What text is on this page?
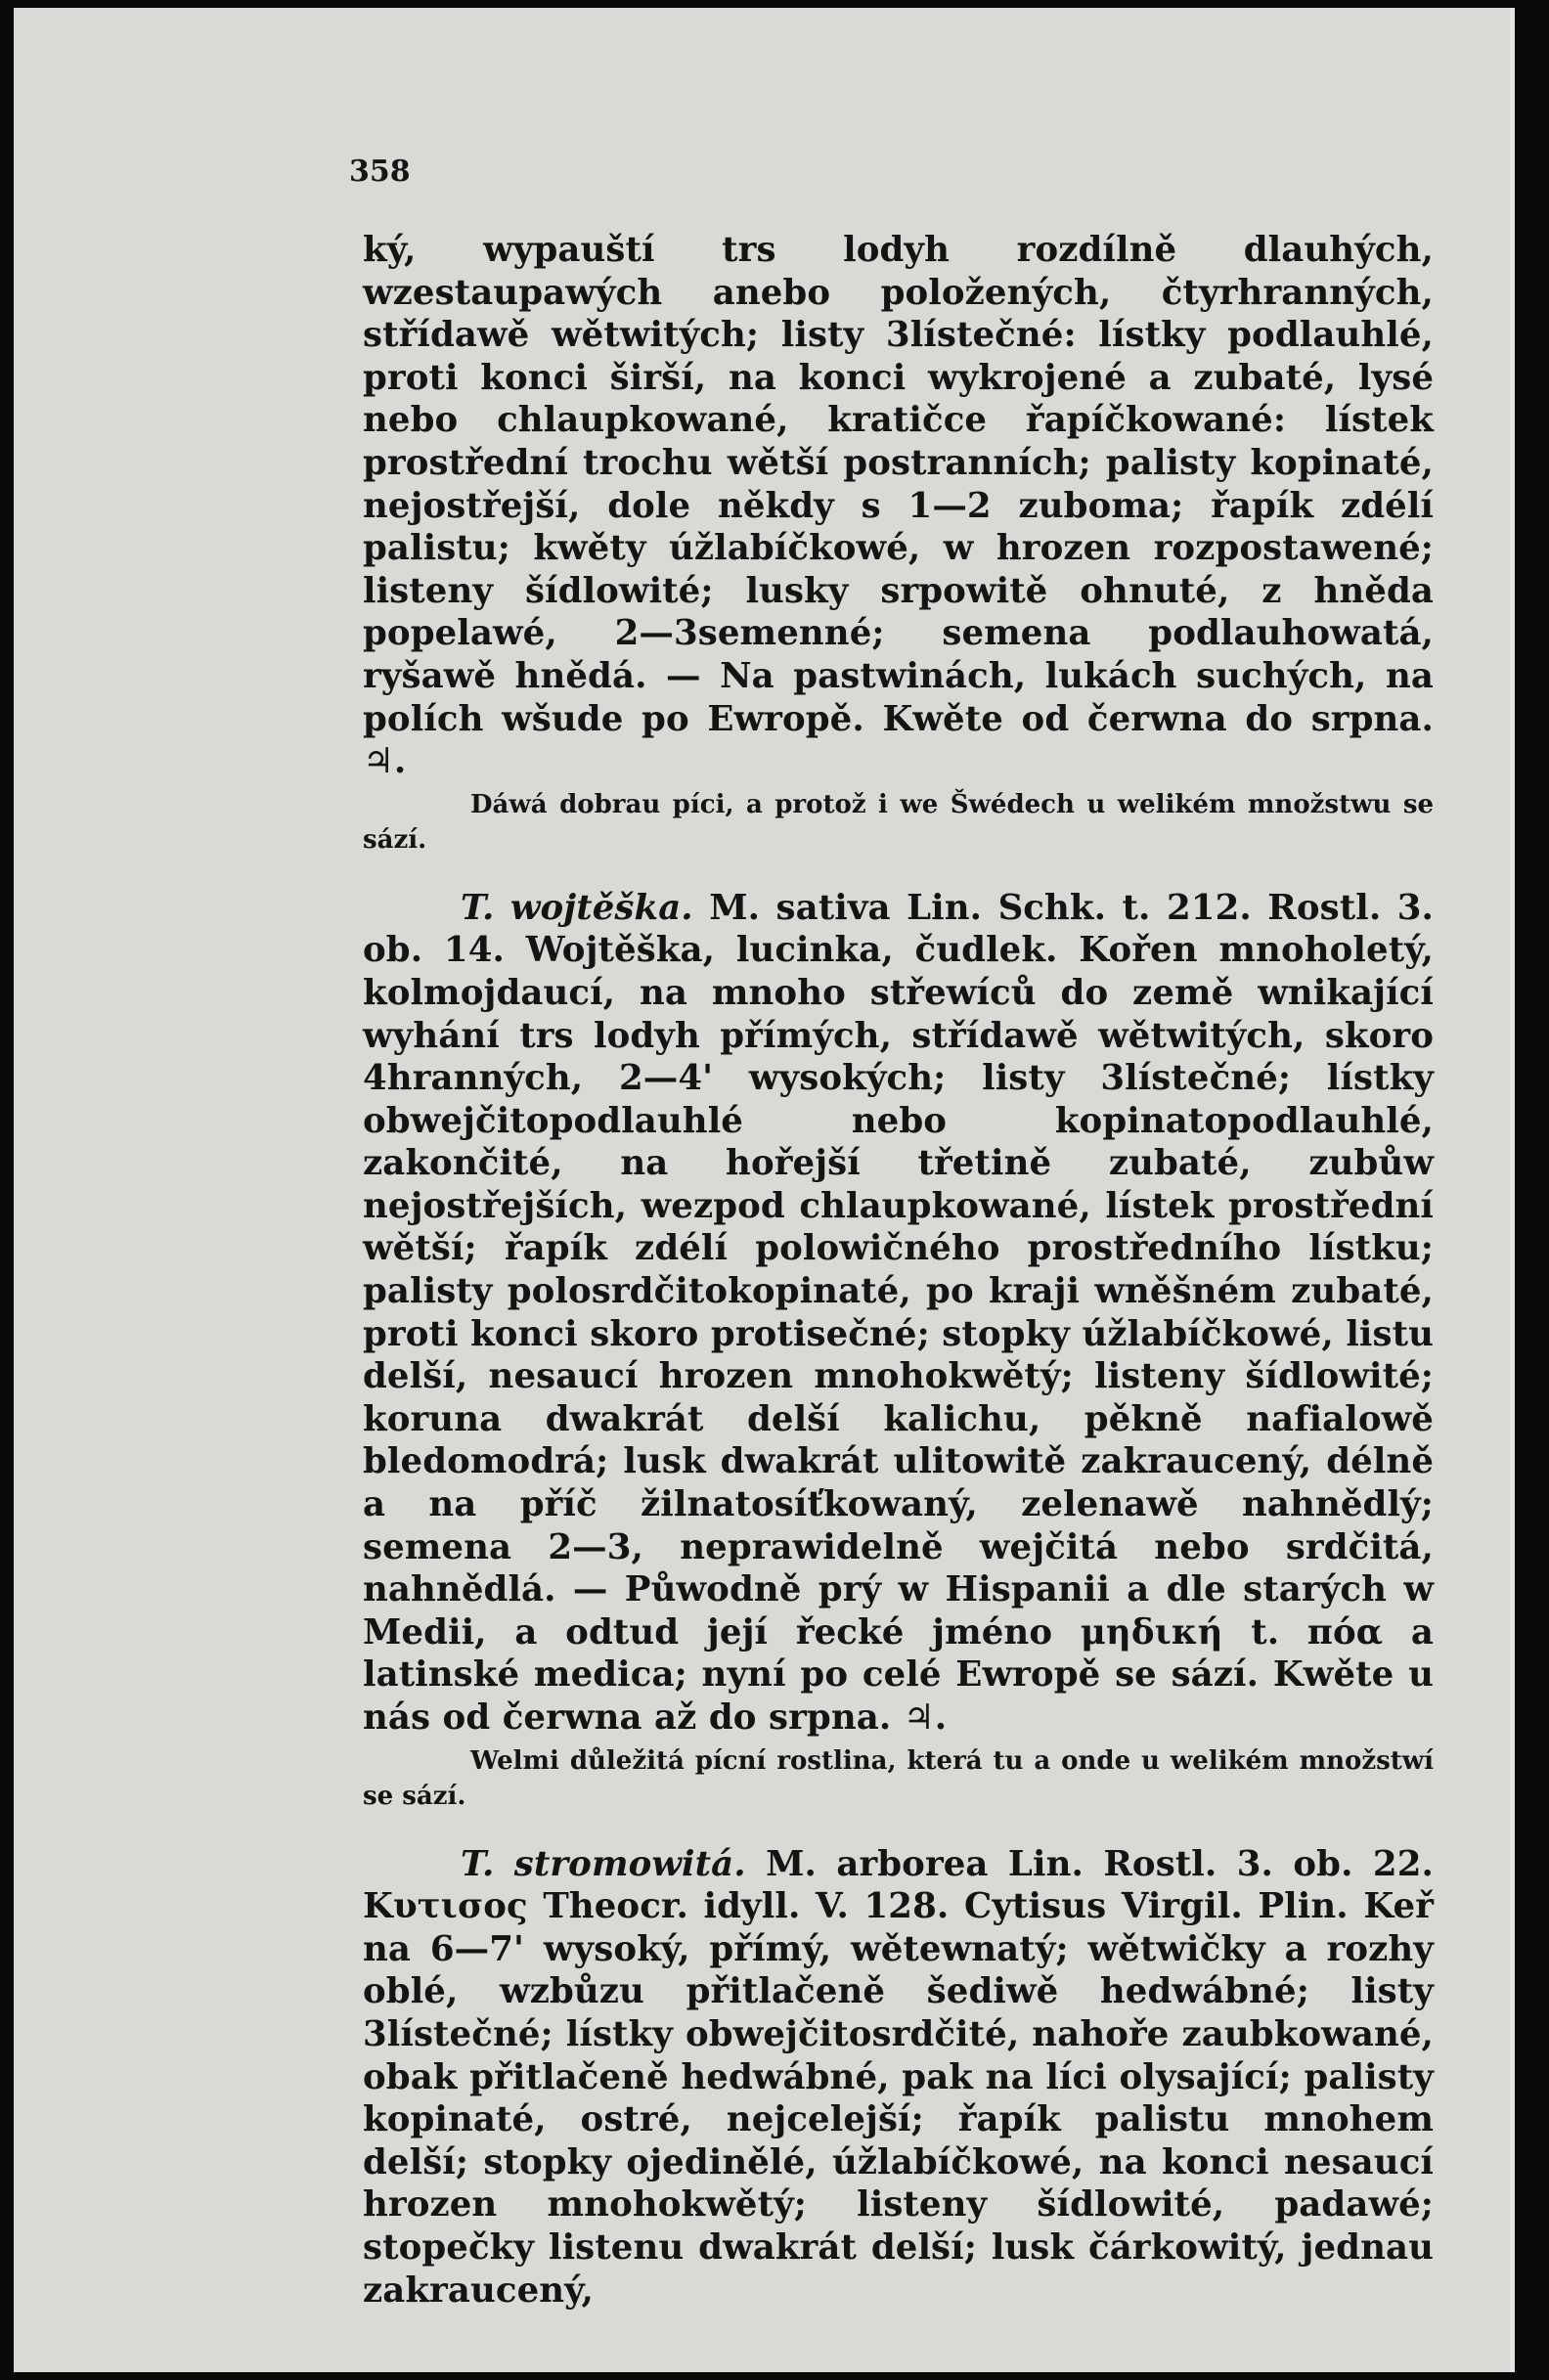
358

ký, wypauští trs lodyh rozdílně dlauhých, wzestaupawých anebo položených, čtyrhranných, střídawě wětwitých; listy 3lístečné: lístky podlauhlé, proti konci širší, na konci wykrojené a zubaté, lysé nebo chlaupkowané, kratičce řapíčkowané: lístek prostřední trochu wětší postranních; palisty kopinaté, nejostřejší, dole někdy s 1—2 zuboma; řapík zdélí palistu; kwěty úžlabíčkowé, w hrozen rozpostawené; listeny šídlowité; lusky srpowitě ohnuté, z hněda popelawé, 2—3semenné; semena podlauhowatá, ryšawě hnědá. — Na pastwinách, lukách suchých, na polích wšude po Ewropě. Kwěte od čerwna do srpna. ♃.

Dáwá dobrau píci, a protož i we Šwédech u welikém množstwu se sází.

T. wojtěška. M. sativa Lin. Schk. t. 212. Rostl. 3. ob. 14. Wojtěška, lucinka, čudlek. Kořen mnoholetý, kolmojdaucí, na mnoho střewíců do země wnikající wyhání trs lodyh přímých, střídawě wětwitých, skoro 4hranných, 2—4' wysokých; listy 3lístečné; lístky obwejčitopodlauhlé nebo kopinatopodlauhlé, zakončité, na hořejší třetině zubaté, zubůw nejostřejších, wezpod chlaupkowané, lístek prostřední wětší; řapík zdélí polowičného prostředního lístku; palisty polosrdčitokopinaté, po kraji wněšném zubaté, proti konci skoro protisečné; stopky úžlabíčkowé, listu delší, nesaucí hrozen mnohokwětý; listeny šídlowité; koruna dwakrát delší kalichu, pěkně nafialowě bledomodrá; lusk dwakrát ulitowitě zakraucený, délně a na příč žilnatosíťkowaný, zelenawě nahnědlý; semena 2—3, neprawidelně wejčitá nebo srdčitá, nahnědlá. — Půwodně prý w Hispanii a dle starých w Medii, a odtud její řecké jméno μηδική t. πόα a latinské medica; nyní po celé Ewropě se sází. Kwěte u nás od čerwna až do srpna. ♃.

Welmi důležitá pícní rostlina, která tu a onde u welikém množstwí se sází.

T. stromowitá. M. arborea Lin. Rostl. 3. ob. 22. Κυτισος Theocr. idyll. V. 128. Cytisus Virgil. Plin. Keř na 6—7' wysoký, přímý, wětewnatý; wětwičky a rozhy oblé, wzbůzu přitlačeně šediwě hedwábné; listy 3lístečné; lístky obwejčitosrdčité, nahoře zaubkowané, obak přitlačeně hedwábné, pak na líci olysající; palisty kopinaté, ostré, nejcelejší; řapík palistu mnohem delší; stopky ojedinělé, úžlabíčkowé, na konci nesaucí hrozen mnohokwětý; listeny šídlowité, padawé; stopečky listenu dwakrát delší; lusk čárkowitý, jednau zakraucený,
